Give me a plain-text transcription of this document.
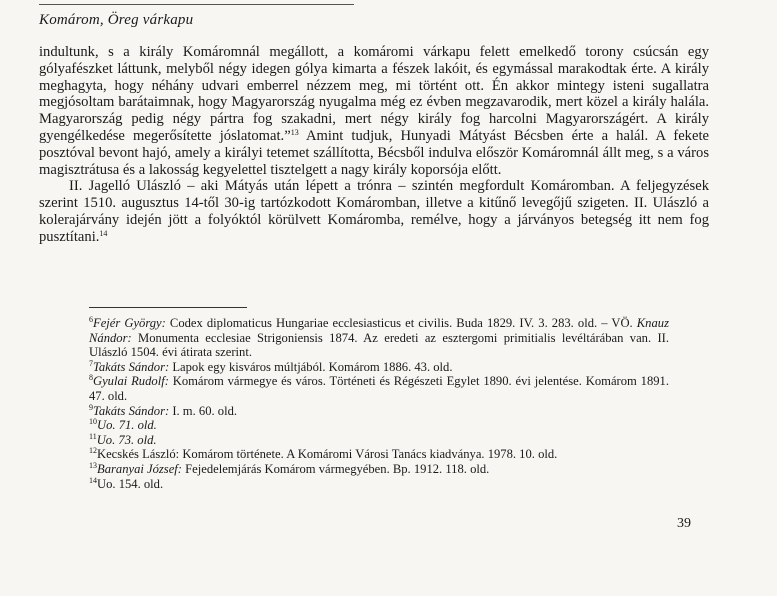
Komárom, Öreg várkapu

indultunk, s a király Komáromnál megállott, a komáromi várkapu felett emelkedő torony csúcsán egy gólyafészket láttunk, melyből négy idegen gólya kimarta a fészek lakóit, és egymással marakodtak érte. A király meghagyta, hogy néhány udvari emberrel nézzem meg, mi történt ott. Én akkor mintegy isteni sugallatra megjósoltam barátaimnak, hogy Magyarország nyugalma még ez évben megzavarodik, mert közel a király halála. Magyarország pedig négy pártra fog szakadni, mert négy király fog harcolni Magyarországért. A király gyengélkedése megerősítette jóslatomat.”$^{13}$ Amint tudjuk, Hunyadi Mátyást Bécsben érte a halál. A fekete posztóval bevont hajó, amely a királyi tetemet szállította, Bécsből indulva először Komáromnál állt meg, s a város magisztrátusa és a lakosság kegyelettel tisztelgett a nagy király koporsója előtt.

II. Jagelló Ulászló – aki Mátyás után lépett a trónra – szintén megfordult Komáromban. A feljegyzések szerint 1510. augusztus 14-től 30-ig tartózkodott Komáromban, illetve a kitűnő levegőjű szigeten. II. Ulászló a kolerajárvány idején jött a folyóktól körülvett Komáromba, remélve, hogy a járványos betegség itt nem fog pusztítani.$^{14}$

$^6$Fejér György: Codex diplomaticus Hungariae ecclesiasticus et civilis. Buda 1829. IV. 3. 283. old. – VÖ. Knauz Nándor: Monumenta ecclesiae Strigoniensis 1874. Az eredeti az esztergomi primitialis levéltárában van. II. Ulászló 1504. évi átirata szerint.

$^7$Takáts Sándor: Lapok egy kisváros múltjából. Komárom 1886. 43. old.

$^8$Gyulai Rudolf: Komárom vármegye és város. Történeti és Régészeti Egylet 1890. évi jelentése. Komárom 1891. 47. old.

$^9$Takáts Sándor: I. m. 60. old.

$^{10}$Uo. 71. old.

$^{11}$Uo. 73. old.

$^{12}$Kecskés László: Komárom története. A Komáromi Városi Tanács kiadványa. 1978. 10. old.

$^{13}$Baranyai József: Fejedelemjárás Komárom vármegyében. Bp. 1912. 118. old.

$^{14}$Uo. 154. old.

39
